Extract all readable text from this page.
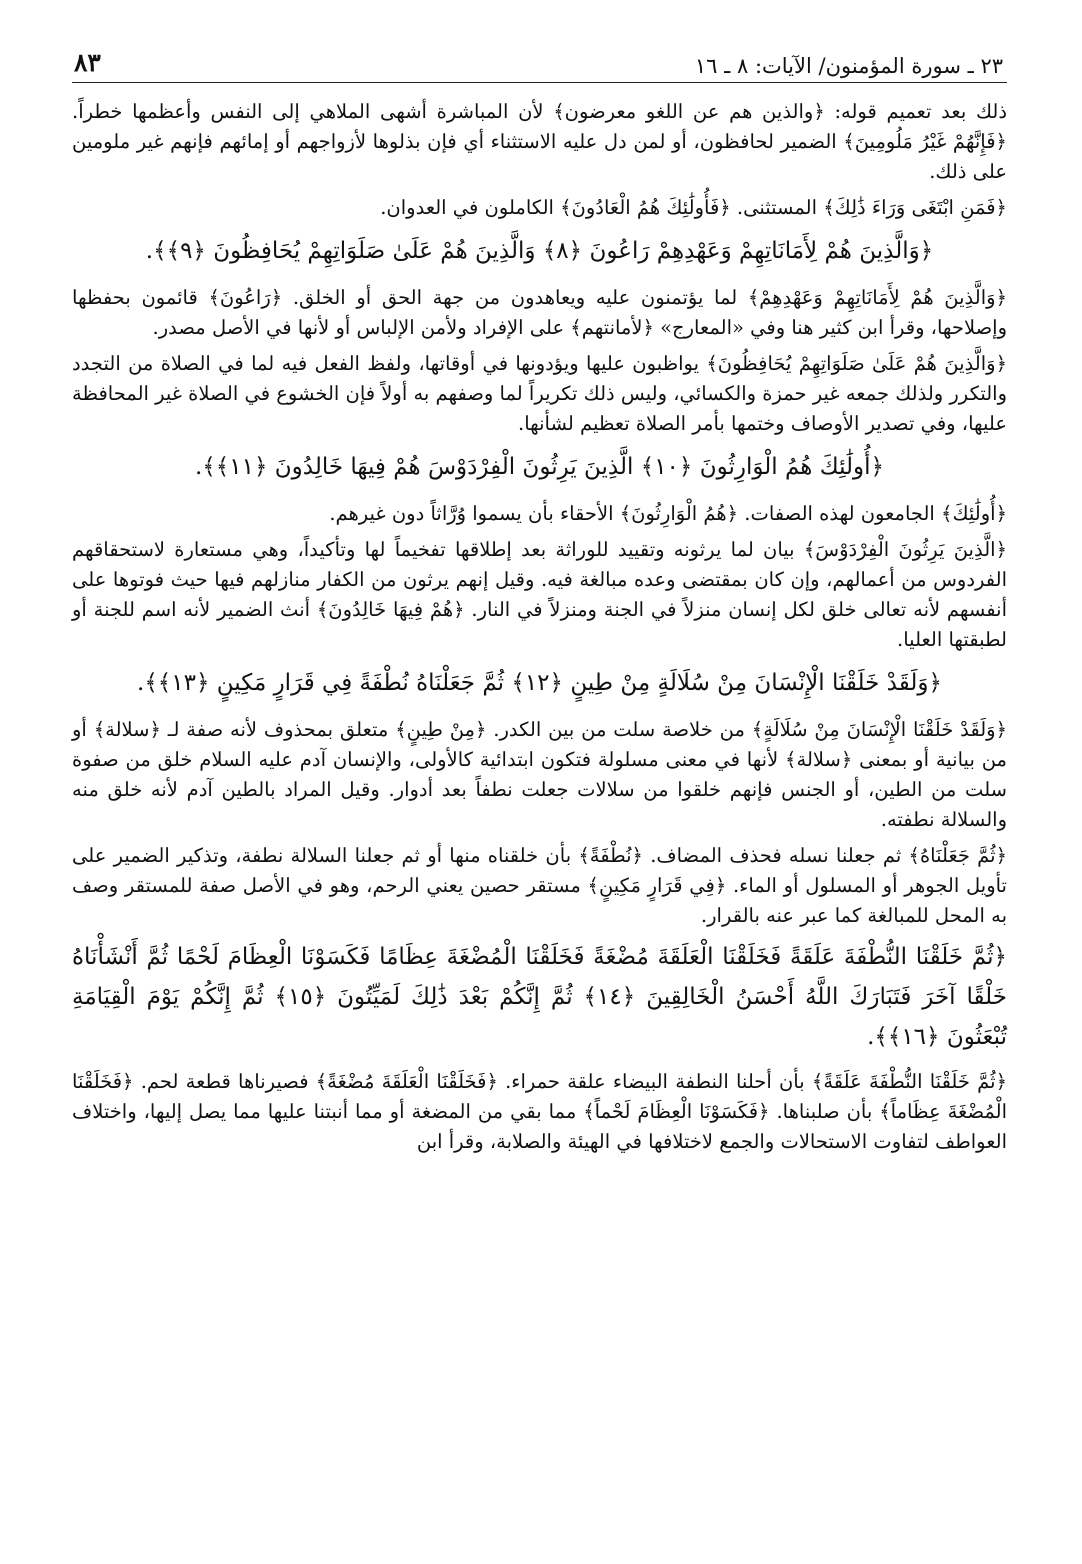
٢٣ ـ سورة المؤمنون/ الآيات: ٨ ـ ١٦
٨٣

ذلك بعد تعميم قوله: ﴿والذين هم عن اللغو معرضون﴾ لأن المباشرة أشهى الملاهي إلى النفس وأعظمها خطراً. ﴿فَإِنَّهُمْ غَيْرُ مَلُومِينَ﴾ الضمير لحافظون، أو لمن دل عليه الاستثناء أي فإن بذلوها لأزواجهم أو إمائهم فإنهم غير ملومين على ذلك.

﴿فَمَنِ ابْتَغَى وَرَاءَ ذَٰلِكَ﴾ المستثنى. ﴿فَأُولَٰئِكَ هُمُ الْعَادُونَ﴾ الكاملون في العدوان.

﴿وَالَّذِينَ هُمْ لِأَمَانَاتِهِمْ وَعَهْدِهِمْ رَاعُونَ ﴿٨﴾ وَالَّذِينَ هُمْ عَلَىٰ صَلَوَاتِهِمْ يُحَافِظُونَ ﴿٩﴾﴾.

﴿وَالَّذِينَ هُمْ لِأَمَانَاتِهِمْ وَعَهْدِهِمْ﴾ لما يؤتمنون عليه ويعاهدون من جهة الحق أو الخلق. ﴿رَاعُونَ﴾ قائمون بحفظها وإصلاحها، وقرأ ابن كثير هنا وفي «المعارج» ﴿لأمانتهم﴾ على الإفراد ولأمن الإلباس أو لأنها في الأصل مصدر.

﴿وَالَّذِينَ هُمْ عَلَىٰ صَلَوَاتِهِمْ يُحَافِظُونَ﴾ يواظبون عليها ويؤدونها في أوقاتها، ولفظ الفعل فيه لما في الصلاة من التجدد والتكرر ولذلك جمعه غير حمزة والكسائي، وليس ذلك تكريراً لما وصفهم به أولاً فإن الخشوع في الصلاة غير المحافظة عليها، وفي تصدير الأوصاف وختمها بأمر الصلاة تعظيم لشأنها.

﴿أُولَٰئِكَ هُمُ الْوَارِثُونَ ﴿١٠﴾ الَّذِينَ يَرِثُونَ الْفِرْدَوْسَ هُمْ فِيهَا خَالِدُونَ ﴿١١﴾﴾.

﴿أُولَٰئِكَ﴾ الجامعون لهذه الصفات. ﴿هُمُ الْوَارِثُونَ﴾ الأحقاء بأن يسموا وُرَّاثاً دون غيرهم.

﴿الَّذِينَ يَرِثُونَ الْفِرْدَوْسَ﴾ بيان لما يرثونه وتقييد للوراثة بعد إطلاقها تفخيماً لها وتأكيداً، وهي مستعارة لاستحقاقهم الفردوس من أعمالهم، وإن كان بمقتضى وعده مبالغة فيه. وقيل إنهم يرثون من الكفار منازلهم فيها حيث فوتوها على أنفسهم لأنه تعالى خلق لكل إنسان منزلاً في الجنة ومنزلاً في النار. ﴿هُمْ فِيهَا خَالِدُونَ﴾ أنث الضمير لأنه اسم للجنة أو لطبقتها العليا.

﴿وَلَقَدْ خَلَقْنَا الْإِنْسَانَ مِنْ سُلَالَةٍ مِنْ طِينٍ ﴿١٢﴾ ثُمَّ جَعَلْنَاهُ نُطْفَةً فِي قَرَارٍ مَكِينٍ ﴿١٣﴾﴾.

﴿وَلَقَدْ خَلَقْنَا الْإِنْسَانَ مِنْ سُلَالَةٍ﴾ من خلاصة سلت من بين الكدر. ﴿مِنْ طِينٍ﴾ متعلق بمحذوف لأنه صفة لـ ﴿سلالة﴾ أو من بيانية أو بمعنى ﴿سلالة﴾ لأنها في معنى مسلولة فتكون ابتدائية كالأولى، والإنسان آدم عليه السلام خلق من صفوة سلت من الطين، أو الجنس فإنهم خلقوا من سلالات جعلت نطفاً بعد أدوار. وقيل المراد بالطين آدم لأنه خلق منه والسلالة نطفته.

﴿ثُمَّ جَعَلْنَاهُ﴾ ثم جعلنا نسله فحذف المضاف. ﴿نُطْفَةً﴾ بأن خلقناه منها أو ثم جعلنا السلالة نطفة، وتذكير الضمير على تأويل الجوهر أو المسلول أو الماء. ﴿فِي قَرَارٍ مَكِينٍ﴾ مستقر حصين يعني الرحم، وهو في الأصل صفة للمستقر وصف به المحل للمبالغة كما عبر عنه بالقرار.

﴿ثُمَّ خَلَقْنَا النُّطْفَةَ عَلَقَةً فَخَلَقْنَا الْعَلَقَةَ مُضْغَةً فَخَلَقْنَا الْمُضْغَةَ عِظَامًا فَكَسَوْنَا الْعِظَامَ لَحْمًا ثُمَّ أَنْشَأْنَاهُ خَلْقًا آخَرَ فَتَبَارَكَ اللَّهُ أَحْسَنُ الْخَالِقِينَ ﴿١٤﴾ ثُمَّ إِنَّكُمْ بَعْدَ ذَٰلِكَ لَمَيِّتُونَ ﴿١٥﴾ ثُمَّ إِنَّكُمْ يَوْمَ الْقِيَامَةِ تُبْعَثُونَ ﴿١٦﴾﴾.

﴿ثُمَّ خَلَقْنَا النُّطْفَةَ عَلَقَةً﴾ بأن أحلنا النطفة البيضاء علقة حمراء. ﴿فَخَلَقْنَا الْعَلَقَةَ مُضْغَةً﴾ فصيرناها قطعة لحم. ﴿فَخَلَقْنَا الْمُضْغَةَ عِظَاماً﴾ بأن صلبناها. ﴿فَكَسَوْنَا الْعِظَامَ لَحْماً﴾ مما بقي من المضغة أو مما أنبتنا عليها مما يصل إليها، واختلاف العواطف لتفاوت الاستحالات والجمع لاختلافها في الهيئة والصلابة، وقرأ ابن
